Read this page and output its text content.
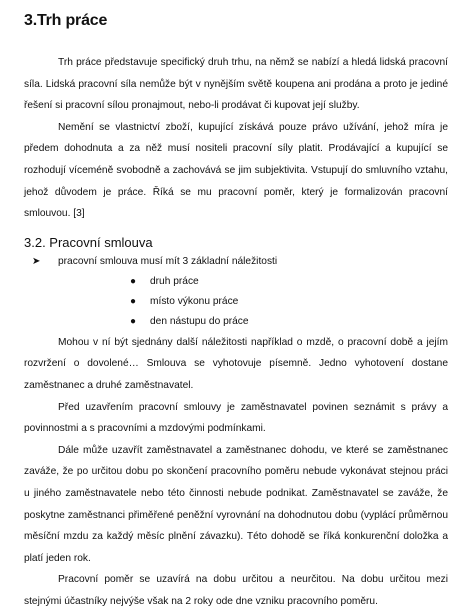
3.Trh práce

Trh práce představuje specifický druh trhu, na němž se nabízí a hledá lidská pracovní síla. Lidská pracovní síla nemůže být v nynějším světě koupena ani prodána a proto je jediné řešení si pracovní sílou pronajmout, nebo-li prodávat či kupovat její služby.

Nemění se vlastnictví zboží, kupující získává pouze právo užívání, jehož míra je předem dohodnuta a za něž musí nositeli pracovní síly platit. Prodávající a kupující se rozhodují víceméně svobodně a zachovává se jim subjektivita. Vstupují do smluvního vztahu, jehož důvodem je práce. Říká se mu pracovní poměr, který je formalizován pracovní smlouvou. [3]

3.2. Pracovní smlouva
➤	pracovní smlouva musí mít 3 základní náležitosti
●	druh práce
●	místo výkonu práce
●	den nástupu do práce

Mohou v ní být sjednány další náležitosti například o mzdě, o pracovní době a jejím rozvržení o dovolené… Smlouva se vyhotovuje písemně. Jedno vyhotovení dostane zaměstnanec a druhé zaměstnavatel.

Před uzavřením pracovní smlouvy je zaměstnavatel povinen seznámit s právy a povinnostmi a s pracovními a mzdovými podmínkami.

Dále může uzavřít zaměstnavatel a zaměstnanec dohodu, ve které se zaměstnanec zaváže, že po určitou dobu po skončení pracovního poměru nebude vykonávat stejnou práci u jiného zaměstnavatele nebo této činnosti nebude podnikat. Zaměstnavatel se zaváže, že poskytne zaměstnanci přiměřené peněžní vyrovnání na dohodnutou dobu (vyplácí průměrnou měsíční mzdu za každý měsíc plnění závazku). Této dohodě se říká konkurenční doložka a platí jeden rok.

Pracovní poměr se uzavírá na dobu určitou a neurčitou. Na dobu určitou mezi stejnými účastníky nejvýše však na 2 roky ode dne vzniku pracovního poměru.
